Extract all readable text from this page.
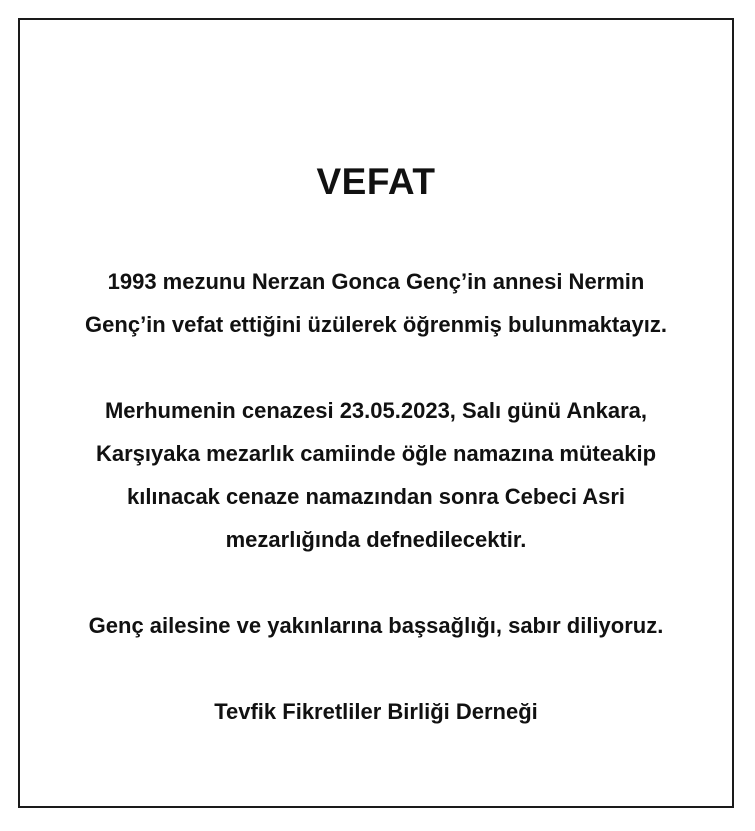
VEFAT

1993 mezunu Nerzan Gonca Genç’in annesi Nermin

Genç’in vefat ettiğini üzülerek öğrenmiş bulunmaktayız.

Merhumenin cenazesi 23.05.2023, Salı günü Ankara,

Karşıyaka mezarlık camiinde öğle namazına müteakip

kılınacak cenaze namazından sonra Cebeci Asri

mezarlığında defnedilecektir.

Genç ailesine ve yakınlarına başsağlığı, sabır diliyoruz.

Tevfik Fikretliler Birliği Derneği
